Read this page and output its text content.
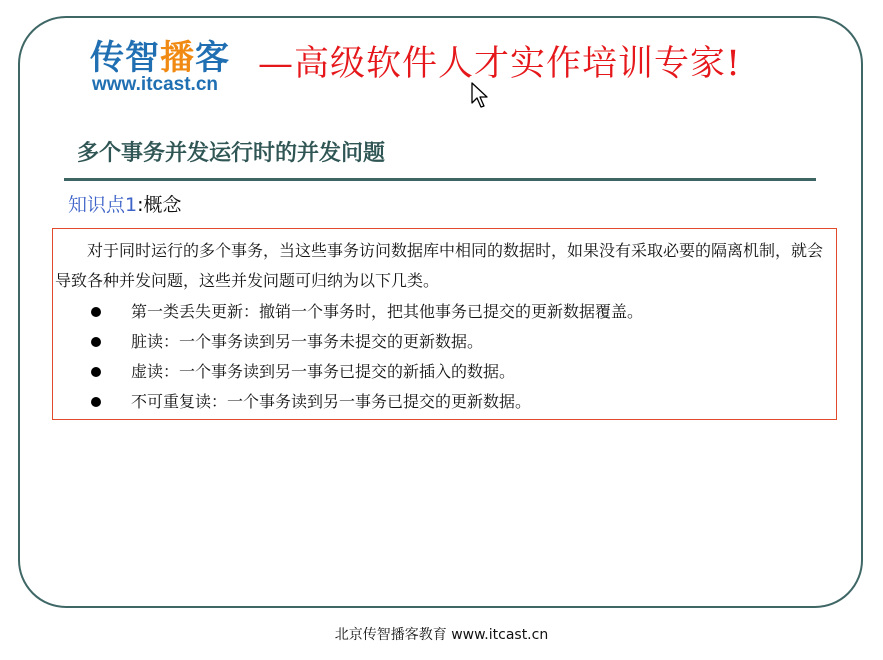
传智播客
www.itcast.cn
—高级软件人才实作培训专家!
多个事务并发运行时的并发问题
知识点1:概念

对于同时运行的多个事务，当这些事务访问数据库中相同的数据时，如果没有采取必要的隔离机制，就会导致各种并发问题，这些并发问题可归纳为以下几类。

第一类丢失更新：撤销一个事务时，把其他事务已提交的更新数据覆盖。
脏读：一个事务读到另一事务未提交的更新数据。
虚读：一个事务读到另一事务已提交的新插入的数据。
不可重复读：一个事务读到另一事务已提交的更新数据。
北京传智播客教育 www.itcast.cn
